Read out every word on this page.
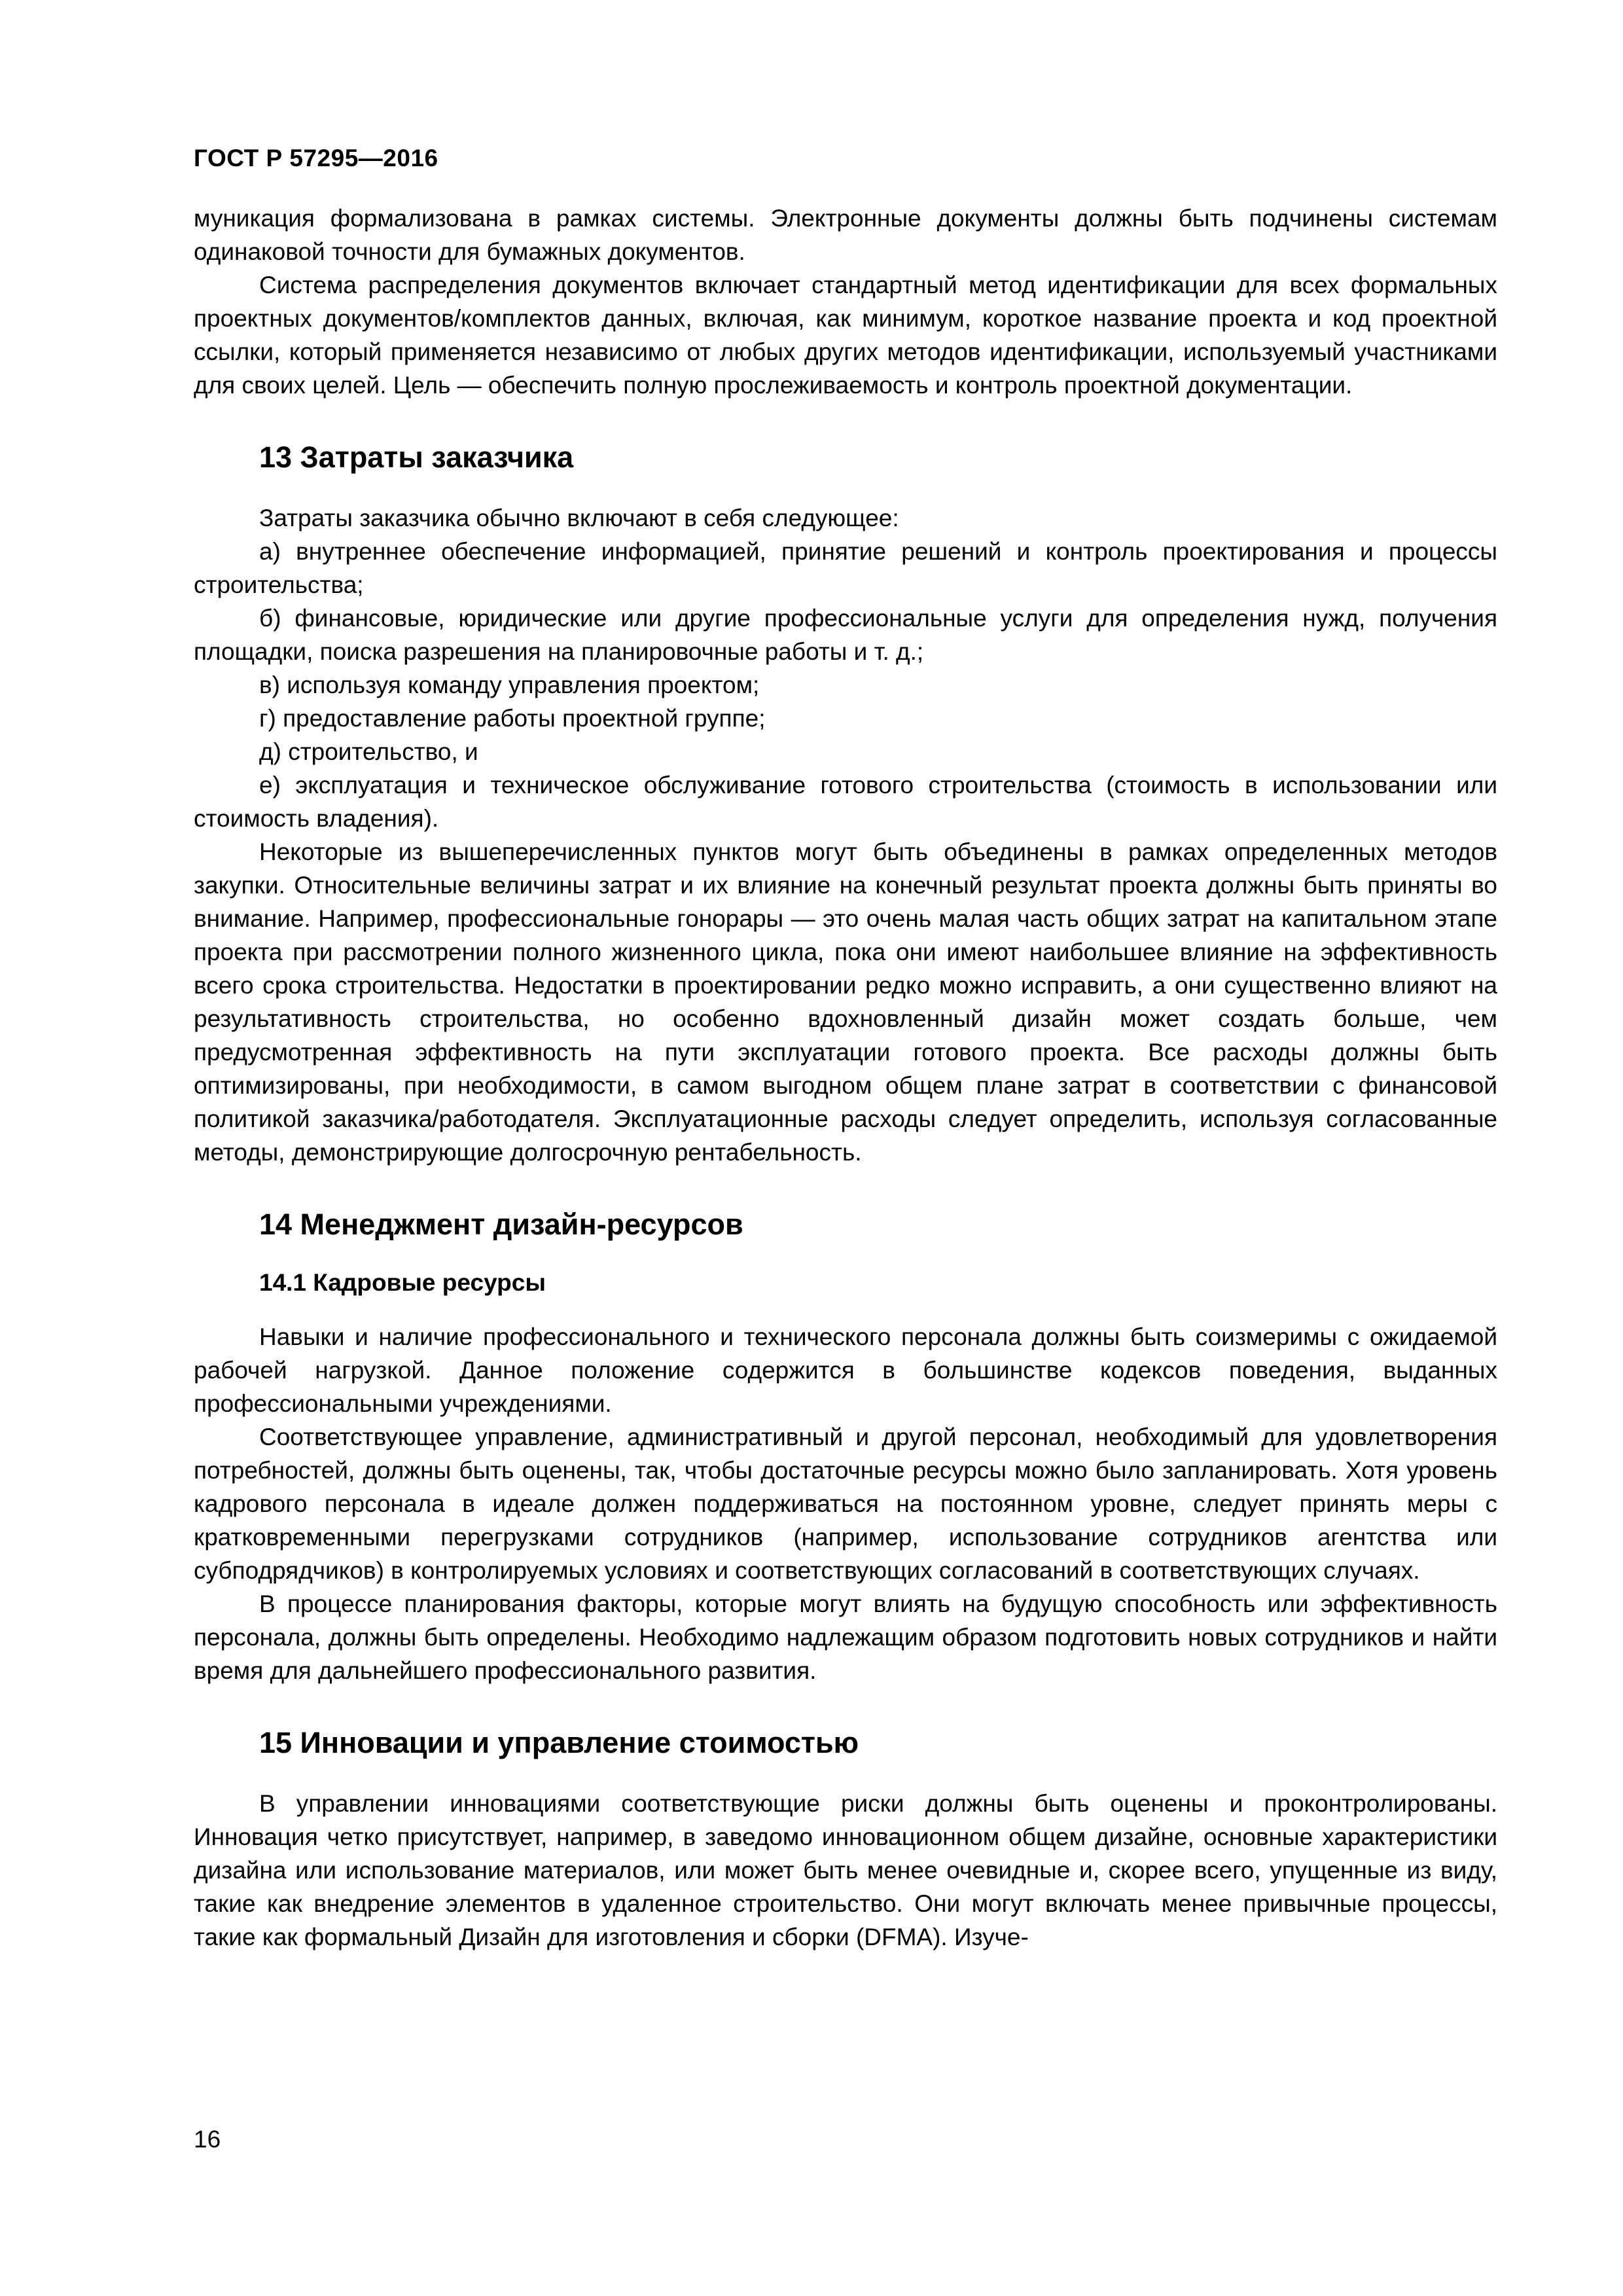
ГОСТ Р 57295—2016

муникация формализована в рамках системы. Электронные документы должны быть подчинены системам одинаковой точности для бумажных документов.

Система распределения документов включает стандартный метод идентификации для всех формальных проектных документов/комплектов данных, включая, как минимум, короткое название проекта и код проектной ссылки, который применяется независимо от любых других методов идентификации, используемый участниками для своих целей. Цель — обеспечить полную прослеживаемость и контроль проектной документации.

13 Затраты заказчика

Затраты заказчика обычно включают в себя следующее:

а) внутреннее обеспечение информацией, принятие решений и контроль проектирования и процессы строительства;

б) финансовые, юридические или другие профессиональные услуги для определения нужд, получения площадки, поиска разрешения на планировочные работы и т. д.;

в) используя команду управления проектом;

г) предоставление работы проектной группе;

д) строительство, и

е) эксплуатация и техническое обслуживание готового строительства (стоимость в использовании или стоимость владения).

Некоторые из вышеперечисленных пунктов могут быть объединены в рамках определенных методов закупки. Относительные величины затрат и их влияние на конечный результат проекта должны быть приняты во внимание. Например, профессиональные гонорары — это очень малая часть общих затрат на капитальном этапе проекта при рассмотрении полного жизненного цикла, пока они имеют наибольшее влияние на эффективность всего срока строительства. Недостатки в проектировании редко можно исправить, а они существенно влияют на результативность строительства, но особенно вдохновленный дизайн может создать больше, чем предусмотренная эффективность на пути эксплуатации готового проекта. Все расходы должны быть оптимизированы, при необходимости, в самом выгодном общем плане затрат в соответствии с финансовой политикой заказчика/работодателя. Эксплуатационные расходы следует определить, используя согласованные методы, демонстрирующие долгосрочную рентабельность.

14 Менеджмент дизайн-ресурсов
14.1 Кадровые ресурсы

Навыки и наличие профессионального и технического персонала должны быть соизмеримы с ожидаемой рабочей нагрузкой. Данное положение содержится в большинстве кодексов поведения, выданных профессиональными учреждениями.

Соответствующее управление, административный и другой персонал, необходимый для удовлетворения потребностей, должны быть оценены, так, чтобы достаточные ресурсы можно было запланировать. Хотя уровень кадрового персонала в идеале должен поддерживаться на постоянном уровне, следует принять меры с кратковременными перегрузками сотрудников (например, использование сотрудников агентства или субподрядчиков) в контролируемых условиях и соответствующих согласований в соответствующих случаях.

В процессе планирования факторы, которые могут влиять на будущую способность или эффективность персонала, должны быть определены. Необходимо надлежащим образом подготовить новых сотрудников и найти время для дальнейшего профессионального развития.

15 Инновации и управление стоимостью

В управлении инновациями соответствующие риски должны быть оценены и проконтролированы. Инновация четко присутствует, например, в заведомо инновационном общем дизайне, основные характеристики дизайна или использование материалов, или может быть менее очевидные и, скорее всего, упущенные из виду, такие как внедрение элементов в удаленное строительство. Они могут включать менее привычные процессы, такие как формальный Дизайн для изготовления и сборки (DFMA). Изуче-

16
